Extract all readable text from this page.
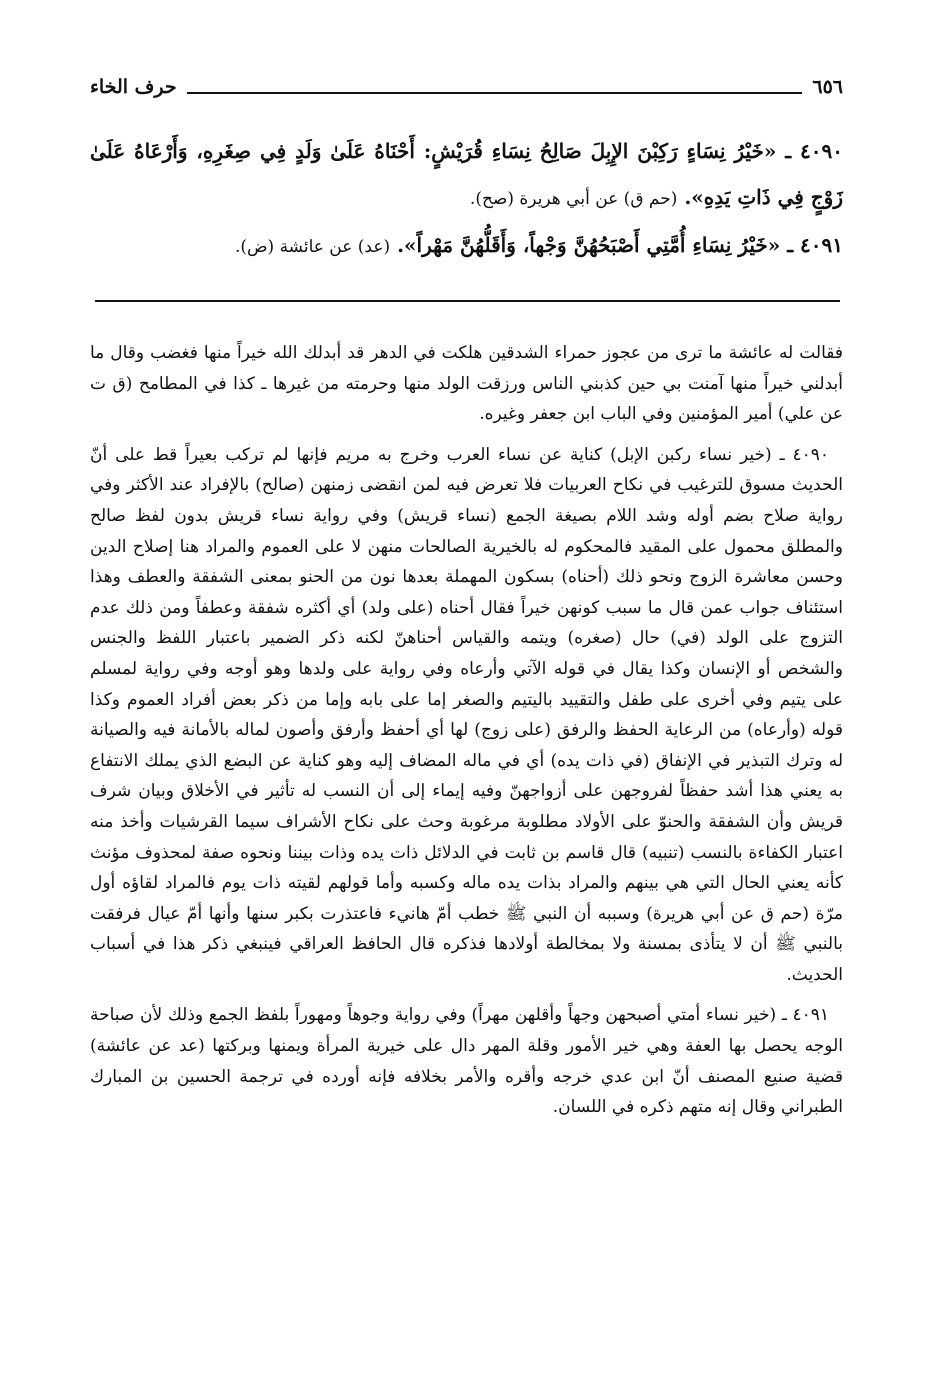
٦٥٦
حرف الخاء

٤٠٩٠ ـ «خَيْرُ نِسَاءٍ رَكِبْنَ الإِبِلَ صَالِحُ نِسَاءِ قُرَيْشٍ: أَحْنَاهُ عَلَىٰ وَلَدٍ فِي صِغَرِهِ، وَأَرْعَاهُ عَلَىٰ زَوْجٍ فِي ذَاتِ يَدِهِ». (حم ق) عن أبي هريرة (صح).

٤٠٩١ ـ «خَيْرُ نِسَاءِ أُمَّتِي أَصْبَحُهُنَّ وَجْهاً، وَأَقَلُّهُنَّ مَهْراً». (عد) عن عائشة (ض).

فقالت له عائشة ما ترى من عجوز حمراء الشدقين هلكت في الدهر قد أبدلك الله خيراً منها فغضب وقال ما أبدلني خيراً منها آمنت بي حين كذبني الناس ورزقت الولد منها وحرمته من غيرها ـ كذا في المطامح (ق ت عن علي) أمير المؤمنين وفي الباب ابن جعفر وغيره.

٤٠٩٠ ـ (خير نساء ركبن الإبل) كناية عن نساء العرب وخرج به مريم فإنها لم تركب بعيراً قط على أنّ الحديث مسوق للترغيب في نكاح العربيات فلا تعرض فيه لمن انقضى زمنهن (صالح) بالإفراد عند الأكثر وفي رواية صلاح بضم أوله وشد اللام بصيغة الجمع (نساء قريش) وفي رواية نساء قريش بدون لفظ صالح والمطلق محمول على المقيد فالمحكوم له بالخيرية الصالحات منهن لا على العموم والمراد هنا إصلاح الدين وحسن معاشرة الزوج ونحو ذلك (أحناه) بسكون المهملة بعدها نون من الحنو بمعنى الشفقة والعطف وهذا استئناف جواب عمن قال ما سبب كونهن خيراً فقال أحناه (على ولد) أي أكثره شفقة وعطفاً ومن ذلك عدم التزوج على الولد (في) حال (صغره) ويتمه والقياس أحناهنّ لكنه ذكر الضمير باعتبار اللفظ والجنس والشخص أو الإنسان وكذا يقال في قوله الآتي وأرعاه وفي رواية على ولدها وهو أوجه وفي رواية لمسلم على يتيم وفي أخرى على طفل والتقييد باليتيم والصغر إما على بابه وإما من ذكر بعض أفراد العموم وكذا قوله (وأرعاه) من الرعاية الحفظ والرفق (على زوج) لها أي أحفظ وأرفق وأصون لماله بالأمانة فيه والصيانة له وترك التبذير في الإنفاق (في ذات يده) أي في ماله المضاف إليه وهو كناية عن البضع الذي يملك الانتفاع به يعني هذا أشد حفظاً لفروجهن على أزواجهنّ وفيه إيماء إلى أن النسب له تأثير في الأخلاق وبيان شرف قريش وأن الشفقة والحنوّ على الأولاد مطلوبة مرغوبة وحث على نكاح الأشراف سيما القرشيات وأخذ منه اعتبار الكفاءة بالنسب (تنبيه) قال قاسم بن ثابت في الدلائل ذات يده وذات بيننا ونحوه صفة لمحذوف مؤنث كأنه يعني الحال التي هي بينهم والمراد بذات يده ماله وكسبه وأما قولهم لقيته ذات يوم فالمراد لقاؤه أول مرّة (حم ق عن أبي هريرة) وسببه أن النبي ﷺ خطب أمّ هانيء فاعتذرت بكبر سنها وأنها أمّ عيال فرفقت بالنبي ﷺ أن لا يتأذى بمسنة ولا بمخالطة أولادها فذكره قال الحافظ العراقي فينبغي ذكر هذا في أسباب الحديث.

٤٠٩١ ـ (خير نساء أمتي أصبحهن وجهاً وأقلهن مهراً) وفي رواية وجوهاً ومهوراً بلفظ الجمع وذلك لأن صباحة الوجه يحصل بها العفة وهي خير الأمور وقلة المهر دال على خيرية المرأة ويمنها وبركتها (عد عن عائشة) قضية صنيع المصنف أنّ ابن عدي خرجه وأقره والأمر بخلافه فإنه أورده في ترجمة الحسين بن المبارك الطبراني وقال إنه متهم ذكره في اللسان.
